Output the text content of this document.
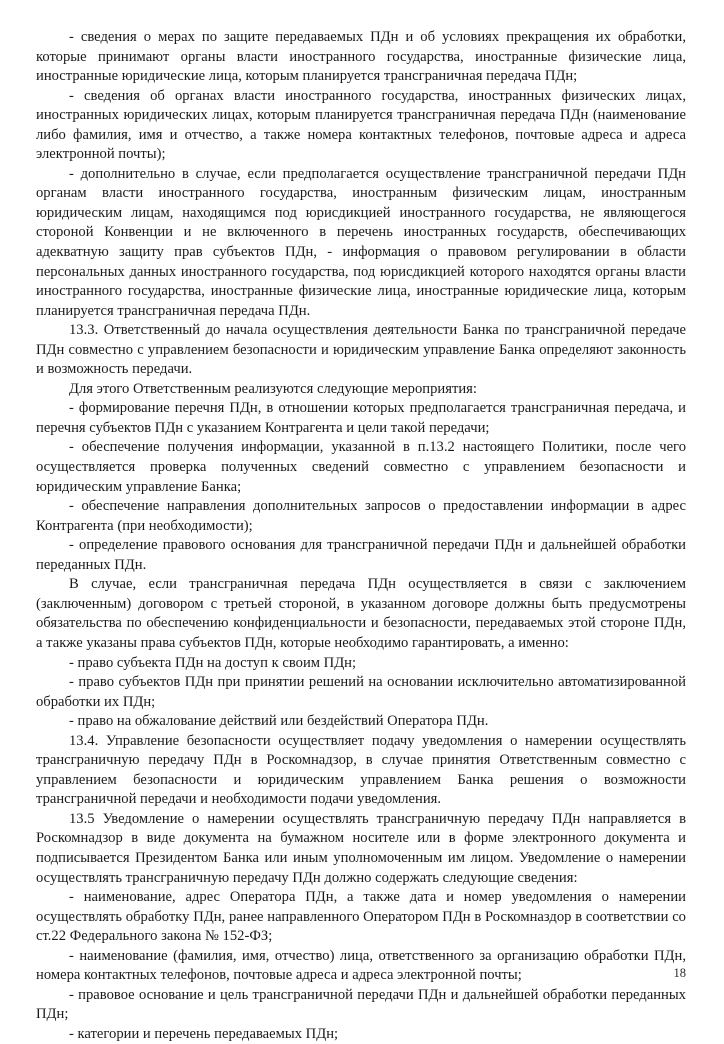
- сведения о мерах по защите передаваемых ПДн и об условиях прекращения их обработки, которые принимают органы власти иностранного государства, иностранные физические лица, иностранные юридические лица, которым планируется трансграничная передача ПДн;

- сведения об органах власти иностранного государства, иностранных физических лицах, иностранных юридических лицах, которым планируется трансграничная передача ПДн (наименование либо фамилия, имя и отчество, а также номера контактных телефонов, почтовые адреса и адреса электронной почты);

- дополнительно в случае, если предполагается осуществление трансграничной передачи ПДн органам власти иностранного государства, иностранным физическим лицам, иностранным юридическим лицам, находящимся под юрисдикцией иностранного государства, не являющегося стороной Конвенции и не включенного в перечень иностранных государств, обеспечивающих адекватную защиту прав субъектов ПДн, - информация о правовом регулировании в области персональных данных иностранного государства, под юрисдикцией которого находятся органы власти иностранного государства, иностранные физические лица, иностранные юридические лица, которым планируется трансграничная передача ПДн.

13.3. Ответственный до начала осуществления деятельности Банка по трансграничной передаче ПДн совместно с управлением безопасности и юридическим управление Банка определяют законность и возможность передачи.

Для этого Ответственным реализуются следующие мероприятия:

- формирование перечня ПДн, в отношении которых предполагается трансграничная передача, и перечня субъектов ПДн с указанием Контрагента и цели такой передачи;

- обеспечение получения информации, указанной в п.13.2 настоящего Политики, после чего осуществляется проверка полученных сведений совместно с управлением безопасности и юридическим управление Банка;

- обеспечение направления дополнительных запросов о предоставлении информации в адрес Контрагента (при необходимости);

- определение правового основания для трансграничной передачи ПДн и дальнейшей обработки переданных ПДн.

В случае, если трансграничная передача ПДн осуществляется в связи с заключением (заключенным) договором с третьей стороной, в указанном договоре должны быть предусмотрены обязательства по обеспечению конфиденциальности и безопасности, передаваемых этой стороне ПДн, а также указаны права субъектов ПДн, которые необходимо гарантировать, а именно:

- право субъекта ПДн на доступ к своим ПДн;

- право субъектов ПДн при принятии решений на основании исключительно автоматизированной обработки их ПДн;

- право на обжалование действий или бездействий Оператора ПДн.

13.4. Управление безопасности осуществляет подачу уведомления о намерении осуществлять трансграничную передачу ПДн в Роскомнадзор, в случае принятия Ответственным совместно с управлением безопасности и юридическим управлением Банка решения о возможности трансграничной передачи и необходимости подачи уведомления.

13.5 Уведомление о намерении осуществлять трансграничную передачу ПДн направляется в Роскомнадзор в виде документа на бумажном носителе или в форме электронного документа и подписывается Президентом Банка или иным уполномоченным им лицом. Уведомление о намерении осуществлять трансграничную передачу ПДн должно содержать следующие сведения:

- наименование, адрес Оператора ПДн, а также дата и номер уведомления о намерении осуществлять обработку ПДн, ранее направленного Оператором ПДн в Роскомназдор в соответствии со ст.22 Федерального закона № 152-ФЗ;

- наименование (фамилия, имя, отчество) лица, ответственного за организацию обработки ПДн, номера контактных телефонов, почтовые адреса и адреса электронной почты;

- правовое основание и цель трансграничной передачи ПДн и дальнейшей обработки переданных ПДн;

- категории и перечень передаваемых ПДн;

18
